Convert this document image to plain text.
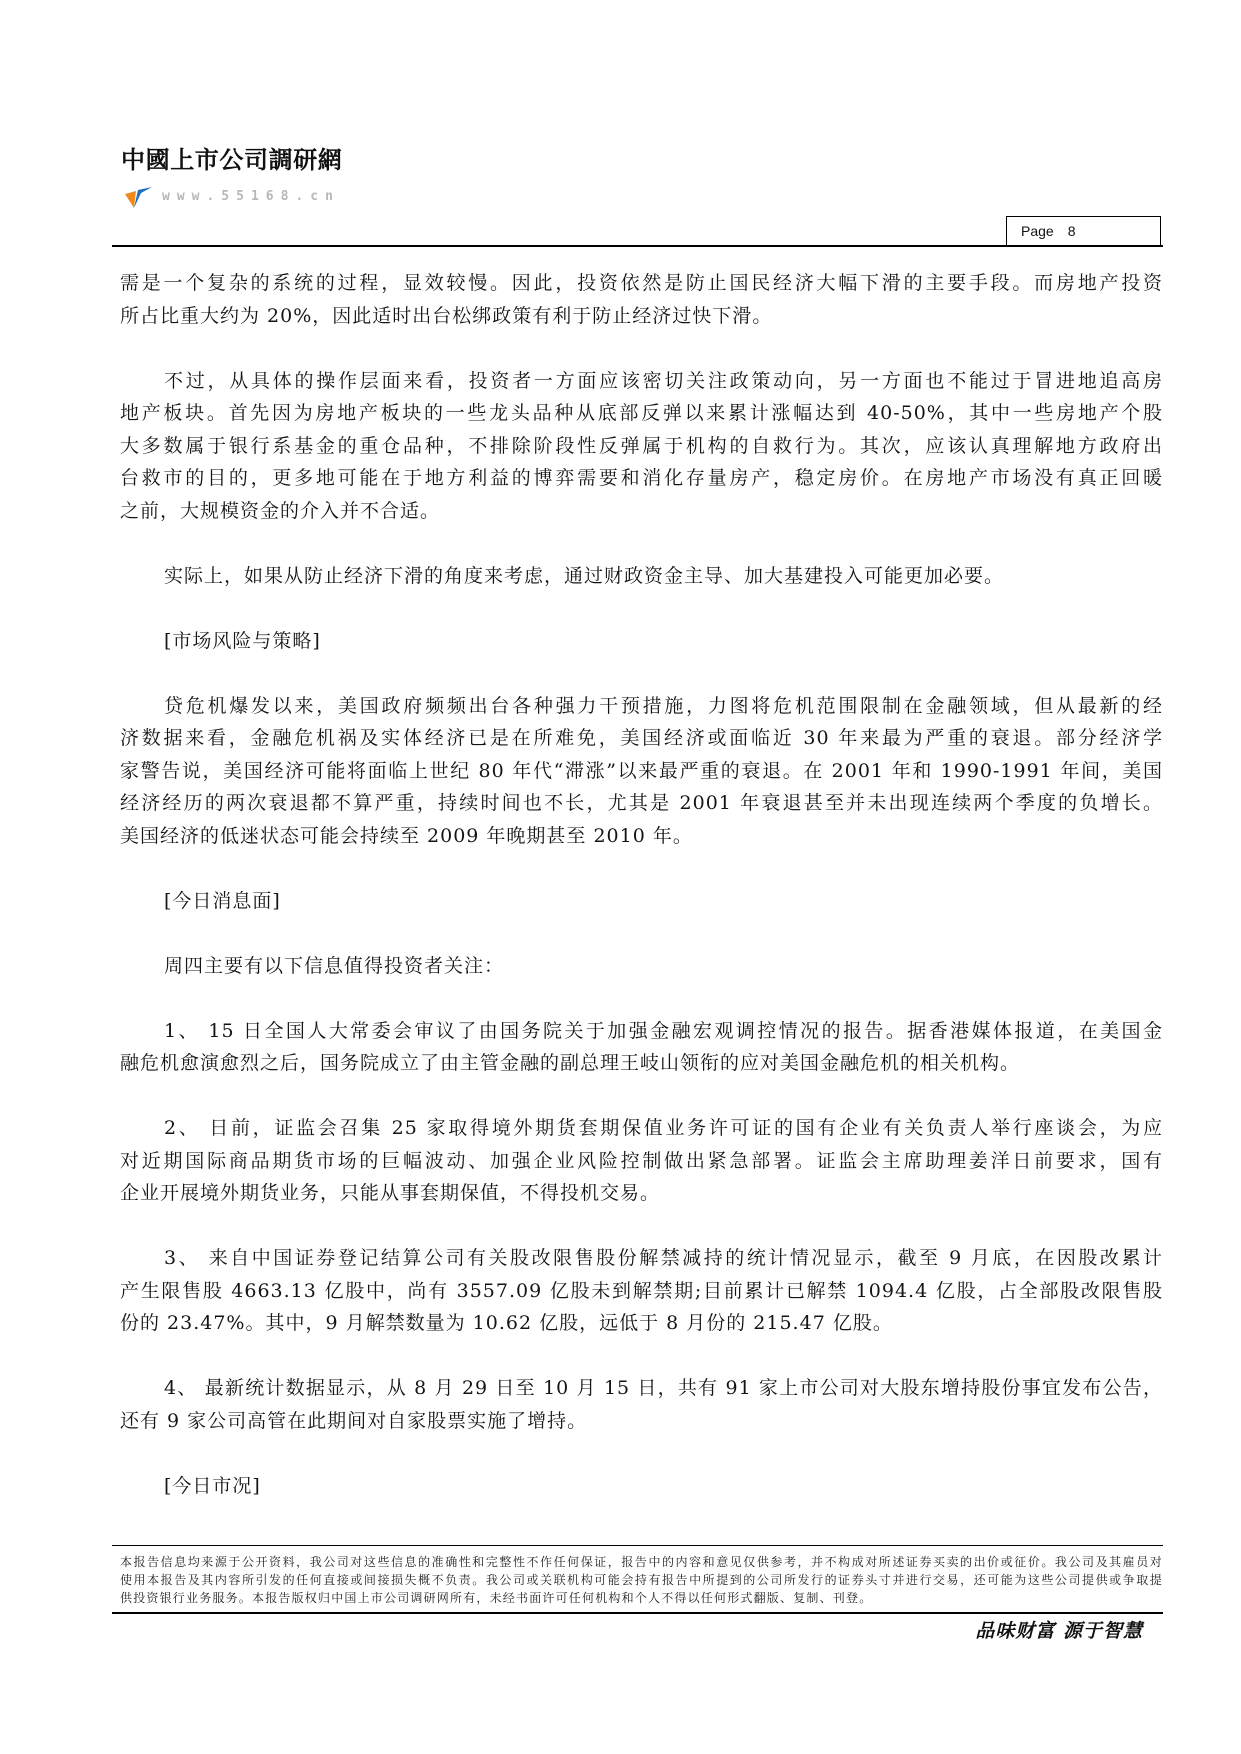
中國上市公司調研網
www.55168.cn
Page 8
需是一个复杂的系统的过程，显效较慢。因此，投资依然是防止国民经济大幅下滑的主要手段。而房地产投资
所占比重大约为 20%，因此适时出台松绑政策有利于防止经济过快下滑。
不过，从具体的操作层面来看，投资者一方面应该密切关注政策动向，另一方面也不能过于冒进地追高房
地产板块。首先因为房地产板块的一些龙头品种从底部反弹以来累计涨幅达到 40-50%，其中一些房地产个股
大多数属于银行系基金的重仓品种，不排除阶段性反弹属于机构的自救行为。其次，应该认真理解地方政府出
台救市的目的，更多地可能在于地方利益的博弈需要和消化存量房产，稳定房价。在房地产市场没有真正回暖
之前，大规模资金的介入并不合适。
实际上，如果从防止经济下滑的角度来考虑，通过财政资金主导、加大基建投入可能更加必要。
[市场风险与策略]
贷危机爆发以来，美国政府频频出台各种强力干预措施，力图将危机范围限制在金融领域，但从最新的经
济数据来看，金融危机祸及实体经济已是在所难免，美国经济或面临近 30 年来最为严重的衰退。部分经济学
家警告说，美国经济可能将面临上世纪 80 年代“滞涨”以来最严重的衰退。在 2001 年和 1990-1991 年间，美国
经济经历的两次衰退都不算严重，持续时间也不长，尤其是 2001 年衰退甚至并未出现连续两个季度的负增长。
美国经济的低迷状态可能会持续至 2009 年晚期甚至 2010 年。
[今日消息面]
周四主要有以下信息值得投资者关注：
1、 15 日全国人大常委会审议了由国务院关于加强金融宏观调控情况的报告。据香港媒体报道，在美国金
融危机愈演愈烈之后，国务院成立了由主管金融的副总理王岐山领衔的应对美国金融危机的相关机构。
2、 日前，证监会召集 25 家取得境外期货套期保值业务许可证的国有企业有关负责人举行座谈会，为应
对近期国际商品期货市场的巨幅波动、加强企业风险控制做出紧急部署。证监会主席助理姜洋日前要求，国有
企业开展境外期货业务，只能从事套期保值，不得投机交易。
3、 来自中国证券登记结算公司有关股改限售股份解禁减持的统计情况显示，截至 9 月底，在因股改累计
产生限售股 4663.13 亿股中，尚有 3557.09 亿股未到解禁期;目前累计已解禁 1094.4 亿股，占全部股改限售股
份的 23.47%。其中，9 月解禁数量为 10.62 亿股，远低于 8 月份的 215.47 亿股。
4、 最新统计数据显示，从 8 月 29 日至 10 月 15 日，共有 91 家上市公司对大股东增持股份事宜发布公告，
还有 9 家公司高管在此期间对自家股票实施了增持。
[今日市况]
本报告信息均来源于公开资料，我公司对这些信息的准确性和完整性不作任何保证，报告中的内容和意见仅供参考，并不构成对所述证券买卖的出价或征价。我公司及其雇员对
使用本报告及其内容所引发的任何直接或间接损失概不负责。我公司或关联机构可能会持有报告中所提到的公司所发行的证券头寸并进行交易，还可能为这些公司提供或争取提
供投资银行业务服务。本报告版权归中国上市公司调研网所有，未经书面许可任何机构和个人不得以任何形式翻版、复制、刊登。
品味财富 源于智慧
